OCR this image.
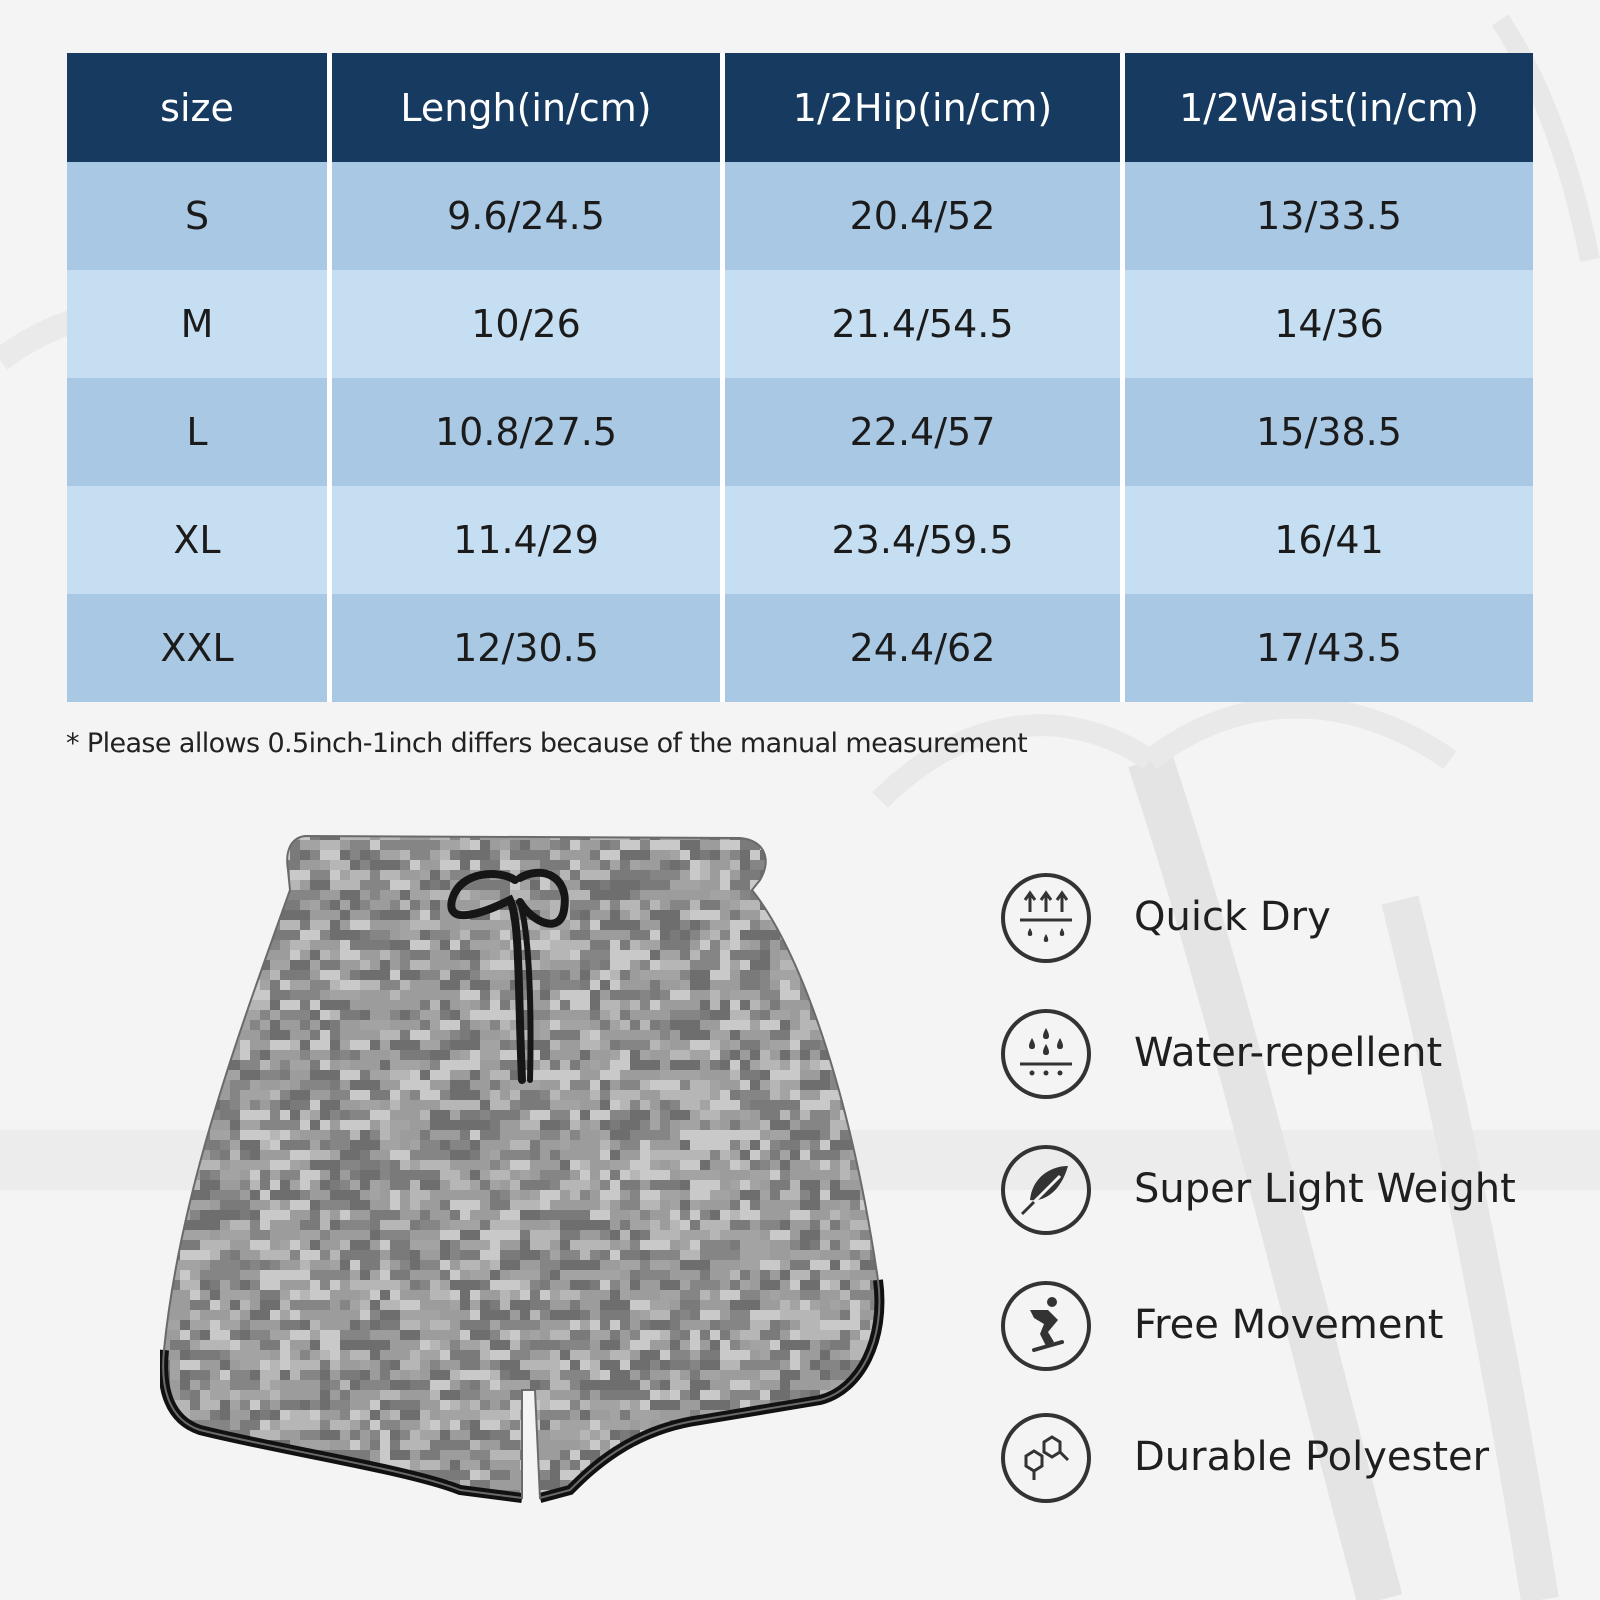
size	Lengh(in/cm)	1/2Hip(in/cm)	1/2Waist(in/cm)
S	9.6/24.5	20.4/52	13/33.5
M	10/26	21.4/54.5	14/36
L	10.8/27.5	22.4/57	15/38.5
XL	11.4/29	23.4/59.5	16/41
XXL	12/30.5	24.4/62	17/43.5
* Please allows 0.5inch-1inch differs because of the manual measurement
Quick Dry
Water-repellent
Super Light Weight
Free Movement
Durable Polyester
